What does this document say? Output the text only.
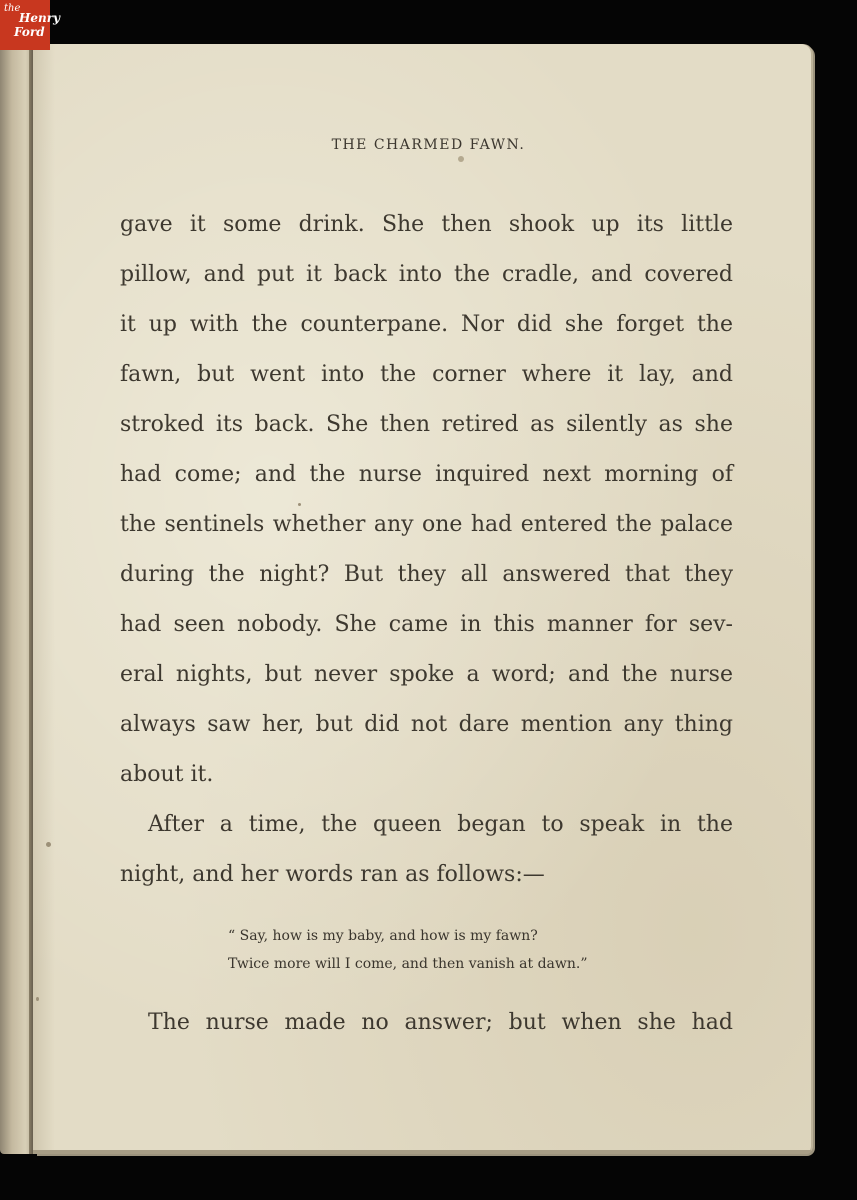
the
Henry
Ford
THE CHARMED FAWN.
gave it some drink. She then shook up its little
pillow, and put it back into the cradle, and covered
it up with the counterpane. Nor did she forget the
fawn, but went into the corner where it lay, and
stroked its back. She then retired as silently as she
had come; and the nurse inquired next morning of
the sentinels whether any one had entered the palace
during the night? But they all answered that they
had seen nobody. She came in this manner for sev-
eral nights, but never spoke a word; and the nurse
always saw her, but did not dare mention any thing
about it.
After a time, the queen began to speak in the
night, and her words ran as follows:—
“ Say, how is my baby, and how is my fawn?
Twice more will I come, and then vanish at dawn.”
The nurse made no answer; but when she had
